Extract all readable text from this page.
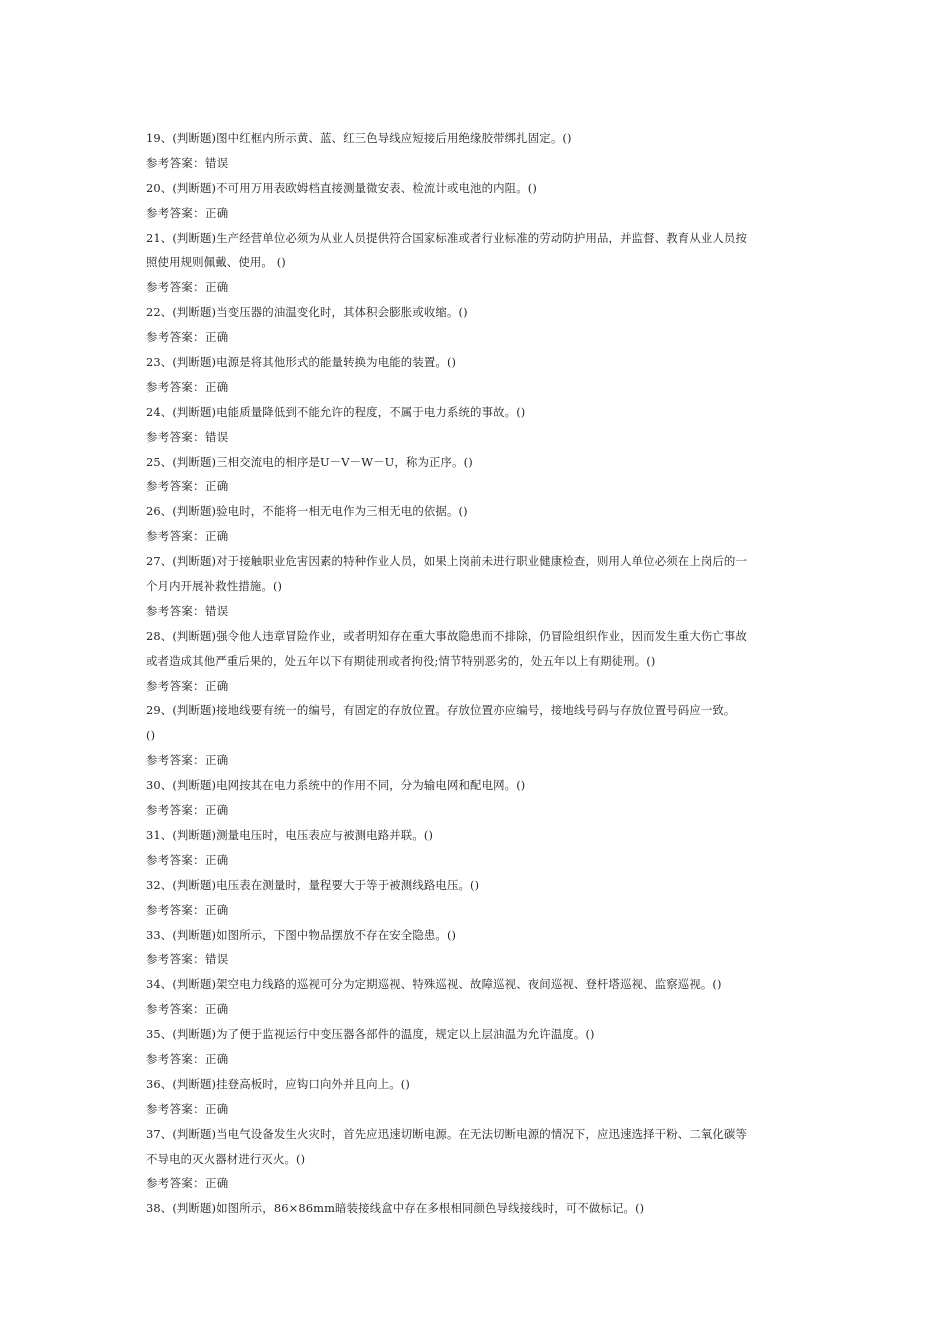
19、(判断题)图中红框内所示黄、蓝、红三色导线应短接后用绝缘胶带绑扎固定。()
参考答案：错误
20、(判断题)不可用万用表欧姆档直接测量微安表、检流计或电池的内阻。()
参考答案：正确
21、(判断题)生产经营单位必须为从业人员提供符合国家标准或者行业标准的劳动防护用品，并监督、教育从业人员按
照使用规则佩戴、使用。 ()
参考答案：正确
22、(判断题)当变压器的油温变化时，其体积会膨胀或收缩。()
参考答案：正确
23、(判断题)电源是将其他形式的能量转换为电能的装置。()
参考答案：正确
24、(判断题)电能质量降低到不能允许的程度，不属于电力系统的事故。()
参考答案：错误
25、(判断题)三相交流电的相序是U－V－W－U，称为正序。()
参考答案：正确
26、(判断题)验电时，不能将一相无电作为三相无电的依据。()
参考答案：正确
27、(判断题)对于接触职业危害因素的特种作业人员，如果上岗前未进行职业健康检查，则用人单位必须在上岗后的一
个月内开展补救性措施。()
参考答案：错误
28、(判断题)强令他人违章冒险作业，或者明知存在重大事故隐患而不排除，仍冒险组织作业，因而发生重大伤亡事故
或者造成其他严重后果的，处五年以下有期徒刑或者拘役;情节特别恶劣的，处五年以上有期徒刑。()
参考答案：正确
29、(判断题)接地线要有统一的编号，有固定的存放位置。存放位置亦应编号，接地线号码与存放位置号码应一致。
()
参考答案：正确
30、(判断题)电网按其在电力系统中的作用不同，分为输电网和配电网。()
参考答案：正确
31、(判断题)测量电压时，电压表应与被测电路并联。()
参考答案：正确
32、(判断题)电压表在测量时，量程要大于等于被测线路电压。()
参考答案：正确
33、(判断题)如图所示，下图中物品摆放不存在安全隐患。()
参考答案：错误
34、(判断题)架空电力线路的巡视可分为定期巡视、特殊巡视、故障巡视、夜间巡视、登杆塔巡视、监察巡视。()
参考答案：正确
35、(判断题)为了便于监视运行中变压器各部件的温度，规定以上层油温为允许温度。()
参考答案：正确
36、(判断题)挂登高板时，应钩口向外并且向上。()
参考答案：正确
37、(判断题)当电气设备发生火灾时，首先应迅速切断电源。在无法切断电源的情况下，应迅速选择干粉、二氧化碳等
不导电的灭火器材进行灭火。()
参考答案：正确
38、(判断题)如图所示，86×86mm暗装接线盒中存在多根相同颜色导线接线时，可不做标记。()
